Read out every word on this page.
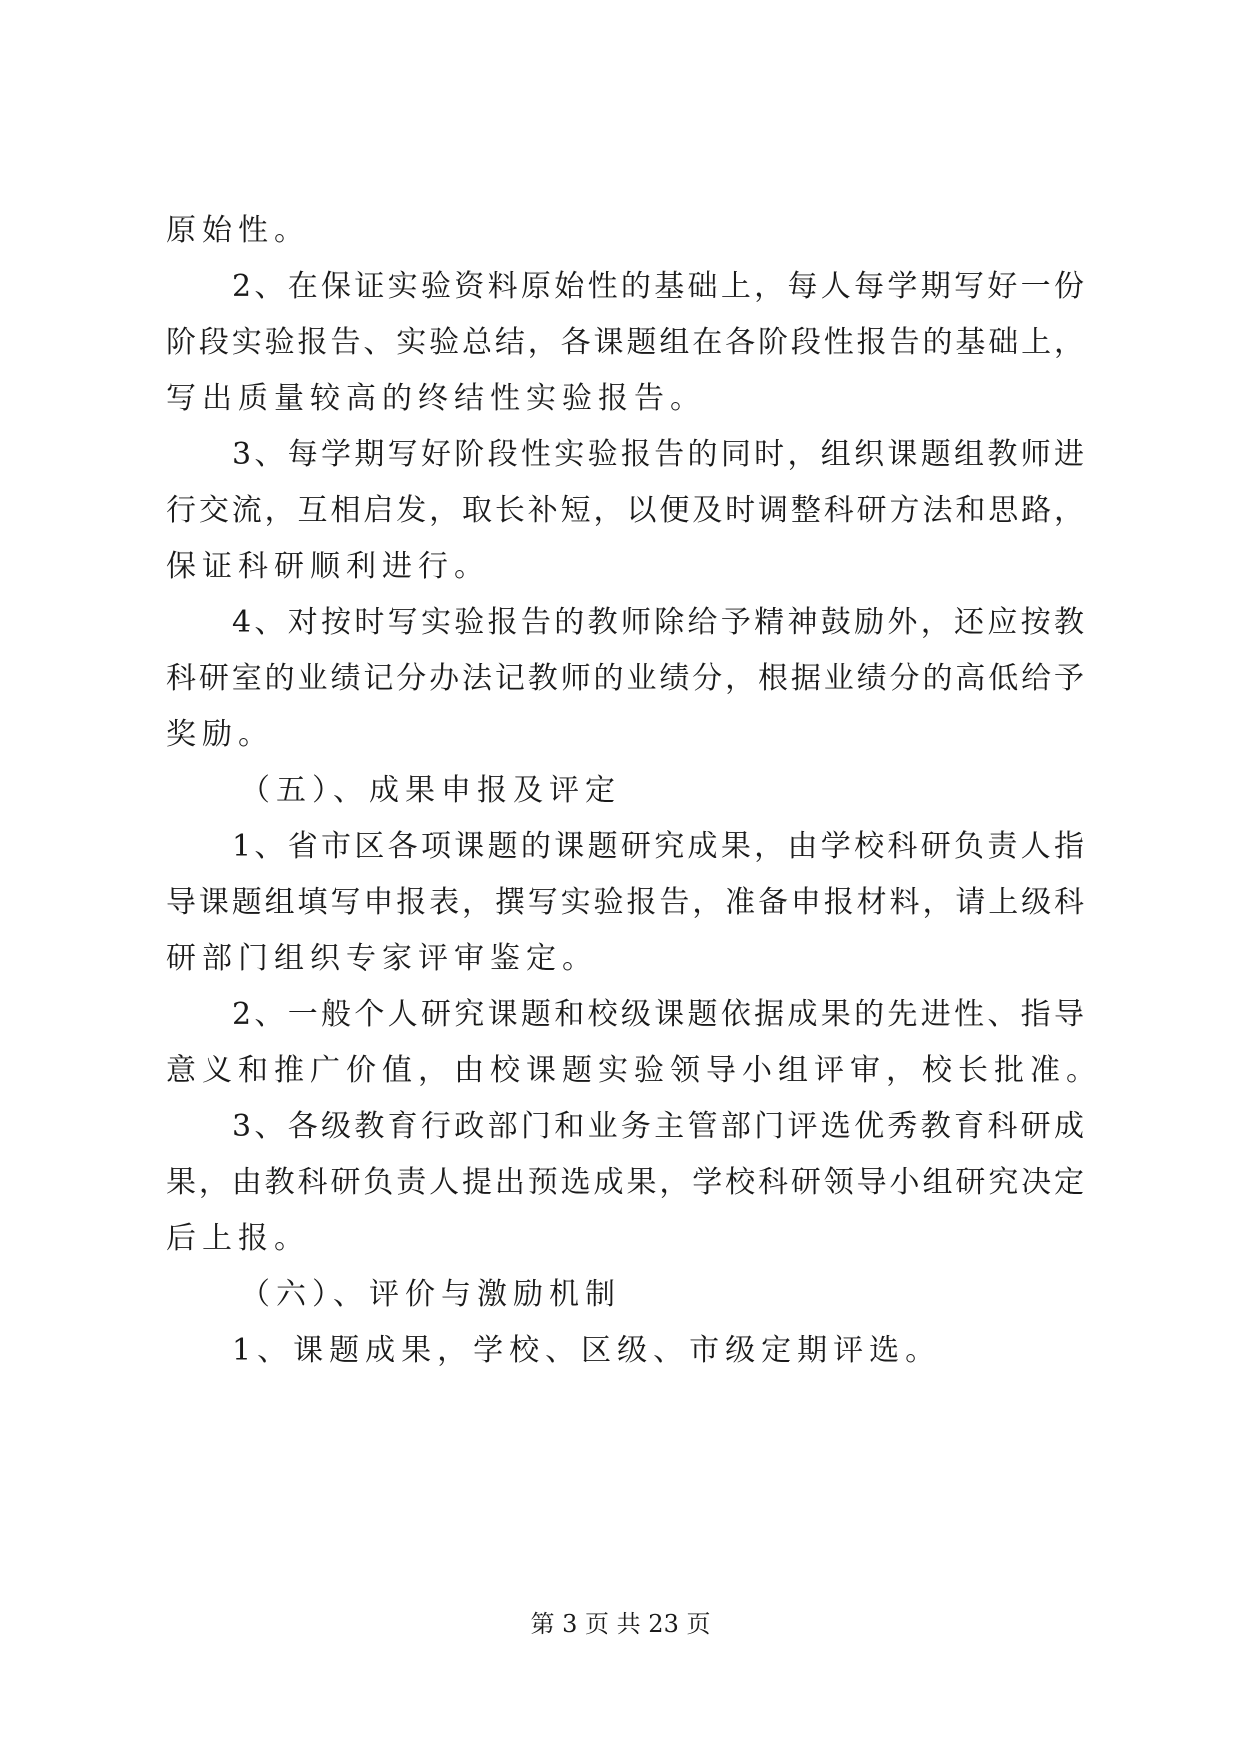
原始性。
2、在保证实验资料原始性的基础上，每人每学期写好一份
阶段实验报告、实验总结，各课题组在各阶段性报告的基础上，
写出质量较高的终结性实验报告。
3、每学期写好阶段性实验报告的同时，组织课题组教师进
行交流，互相启发，取长补短，以便及时调整科研方法和思路，
保证科研顺利进行。
4、对按时写实验报告的教师除给予精神鼓励外，还应按教
科研室的业绩记分办法记教师的业绩分，根据业绩分的高低给予
奖励。
（五）、成果申报及评定
1、省市区各项课题的课题研究成果，由学校科研负责人指
导课题组填写申报表，撰写实验报告，准备申报材料，请上级科
研部门组织专家评审鉴定。
2、一般个人研究课题和校级课题依据成果的先进性、指导
意义和推广价值，由校课题实验领导小组评审，校长批准。
3、各级教育行政部门和业务主管部门评选优秀教育科研成
果，由教科研负责人提出预选成果，学校科研领导小组研究决定
后上报。
（六）、评价与激励机制
1、课题成果，学校、区级、市级定期评选。
第 3 页 共 23 页
